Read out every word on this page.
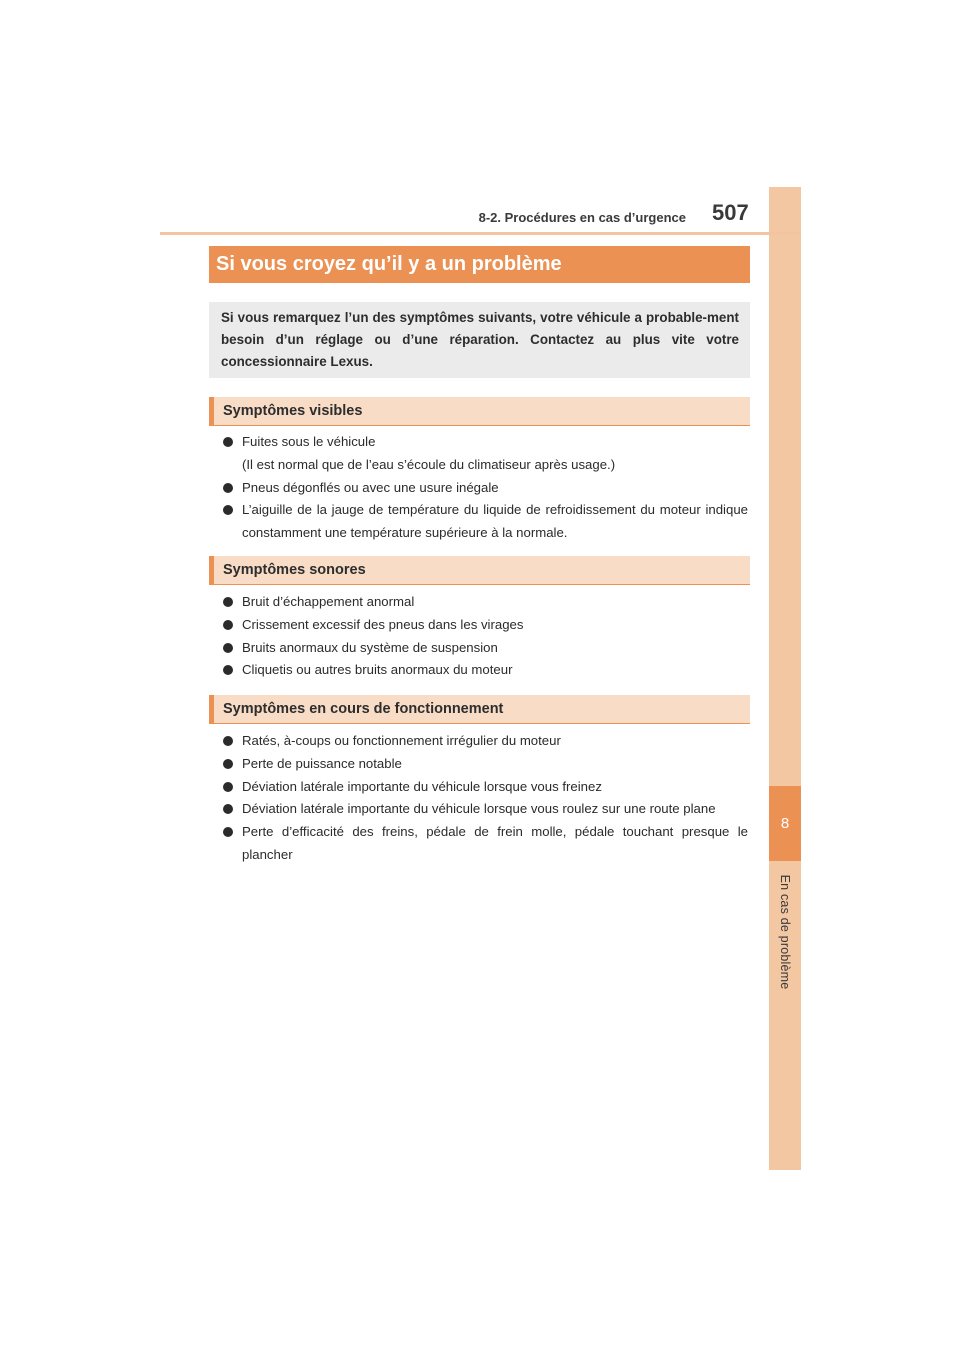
8
En cas de problème
8-2. Procédures en cas d’urgence 507
Si vous croyez qu’il y a un problème
Si vous remarquez l’un des symptômes suivants, votre véhicule a probable-ment besoin d’un réglage ou d’une réparation. Contactez au plus vite votre concessionnaire Lexus.
Symptômes visibles
Fuites sous le véhicule
(Il est normal que de l’eau s’écoule du climatiseur après usage.)
Pneus dégonflés ou avec une usure inégale
L’aiguille de la jauge de température du liquide de refroidissement du moteur indique constamment une température supérieure à la normale.
Symptômes sonores
Bruit d’échappement anormal
Crissement excessif des pneus dans les virages
Bruits anormaux du système de suspension
Cliquetis ou autres bruits anormaux du moteur
Symptômes en cours de fonctionnement
Ratés, à-coups ou fonctionnement irrégulier du moteur
Perte de puissance notable
Déviation latérale importante du véhicule lorsque vous freinez
Déviation latérale importante du véhicule lorsque vous roulez sur une route plane
Perte d’efficacité des freins, pédale de frein molle, pédale touchant presque le plancher
